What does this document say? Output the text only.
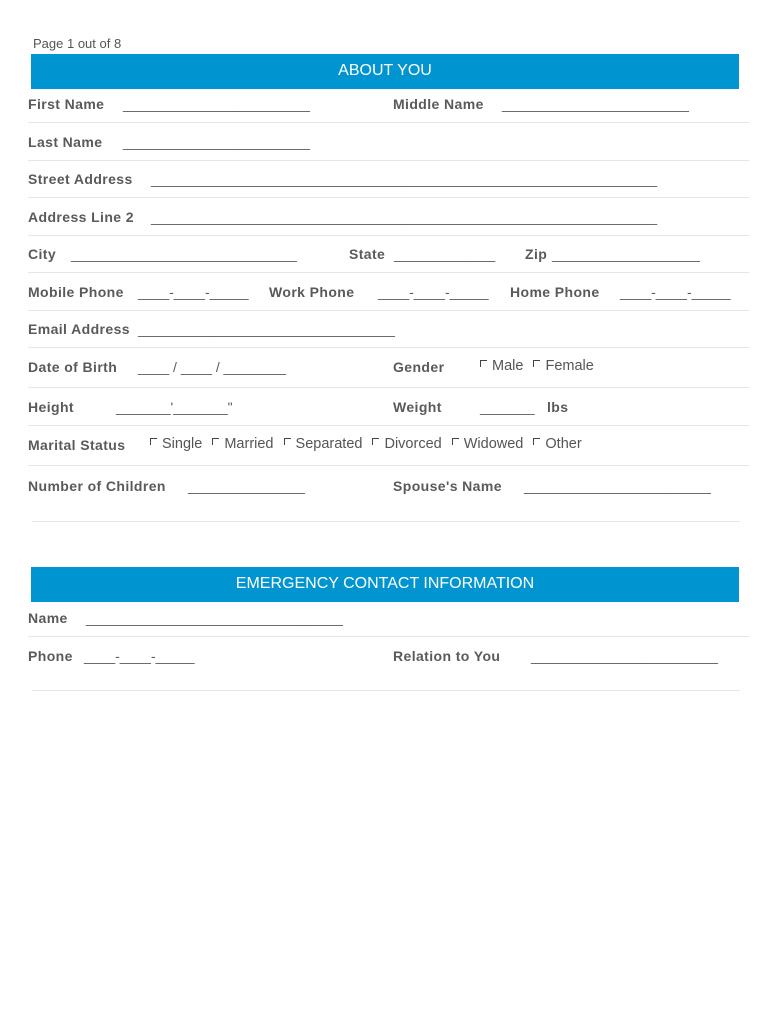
Page 1 out of 8
ABOUT YOU
First Name ________________________	Middle Name ________________________
Last Name ________________________
Street Address _________________________________________________________________
Address Line 2 _________________________________________________________________
City _____________________________	State _____________ Zip ___________________
Mobile Phone ____-____-_____ Work Phone ____-____-_____ Home Phone ____-____-_____
Email Address _________________________________
Date of Birth ____ / ____ / ________	Gender	Male Female
Height	_______'_______"	Weight	_______ lbs
Marital Status	Single Married Separated Divorced Widowed Other
Number of Children _______________	Spouse's Name ________________________
EMERGENCY CONTACT INFORMATION
Name _________________________________
Phone ____-____-_____	Relation to You ________________________
